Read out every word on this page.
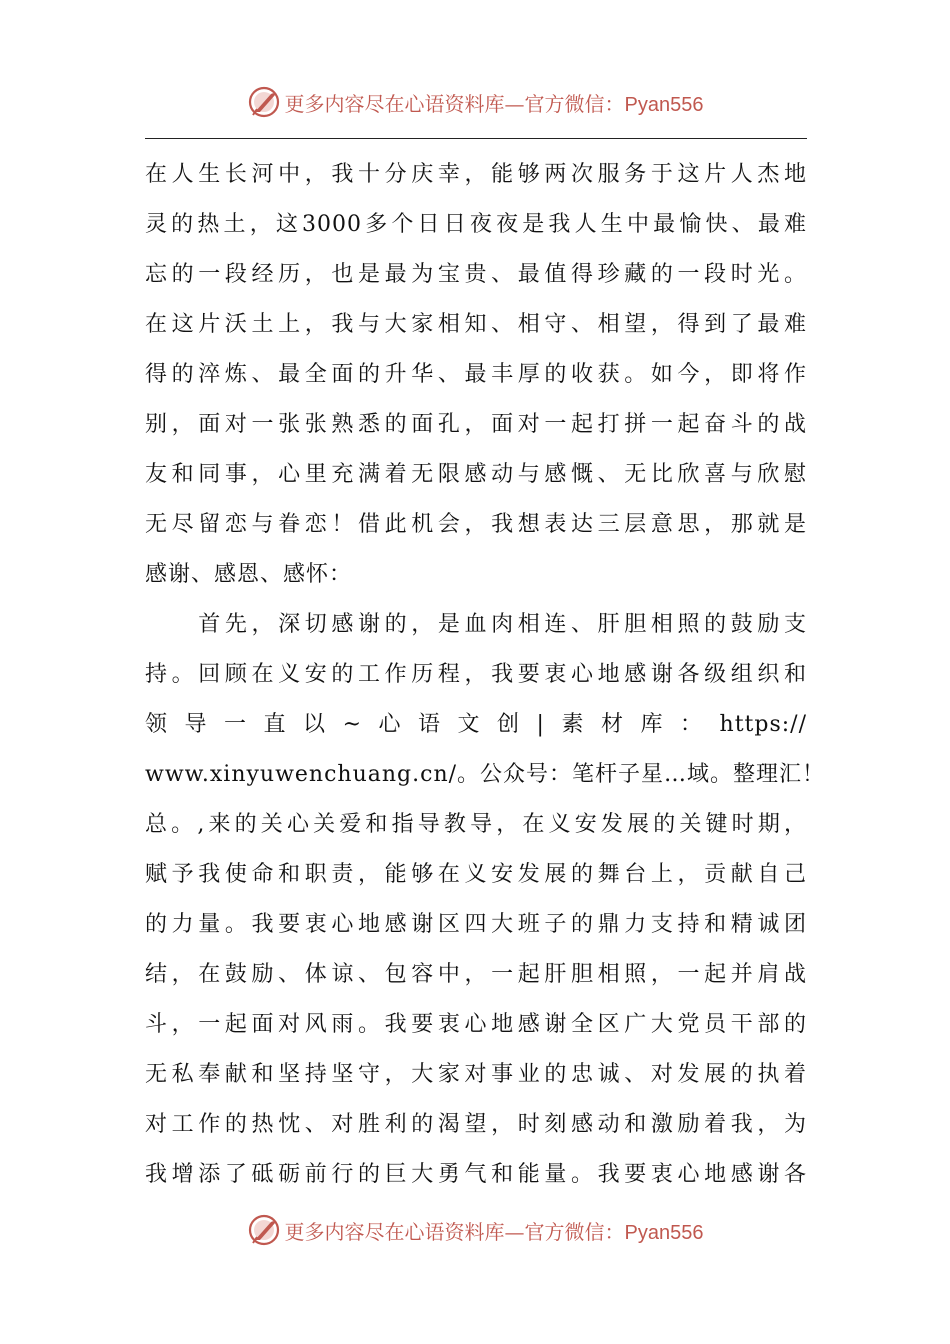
更多内容尽在心语资料库—官方微信：Pyan556
在人生长河中，我十分庆幸，能够两次服务于这片人杰地
灵的热土，这3000多个日日夜夜是我人生中最愉快、最难
忘的一段经历，也是最为宝贵、最值得珍藏的一段时光。
在这片沃土上，我与大家相知、相守、相望，得到了最难
得的淬炼、最全面的升华、最丰厚的收获。如今，即将作
别，面对一张张熟悉的面孔，面对一起打拼一起奋斗的战
友和同事，心里充满着无限感动与感慨、无比欣喜与欣慰
无尽留恋与眷恋！借此机会，我想表达三层意思，那就是
感谢、感恩、感怀：
　　首先，深切感谢的，是血肉相连、肝胆相照的鼓励支
持。回顾在义安的工作历程，我要衷心地感谢各级组织和
领导一直以~心语文创|素材库：https://
www.xinyuwenchuang.cn/。公众号：笔杆子星…域。整理汇！
总。,来的关心关爱和指导教导，在义安发展的关键时期，
赋予我使命和职责，能够在义安发展的舞台上，贡献自己
的力量。我要衷心地感谢区四大班子的鼎力支持和精诚团
结，在鼓励、体谅、包容中，一起肝胆相照，一起并肩战
斗，一起面对风雨。我要衷心地感谢全区广大党员干部的
无私奉献和坚持坚守，大家对事业的忠诚、对发展的执着
对工作的热忱、对胜利的渴望，时刻感动和激励着我，为
我增添了砥砺前行的巨大勇气和能量。我要衷心地感谢各
更多内容尽在心语资料库—官方微信：Pyan556
